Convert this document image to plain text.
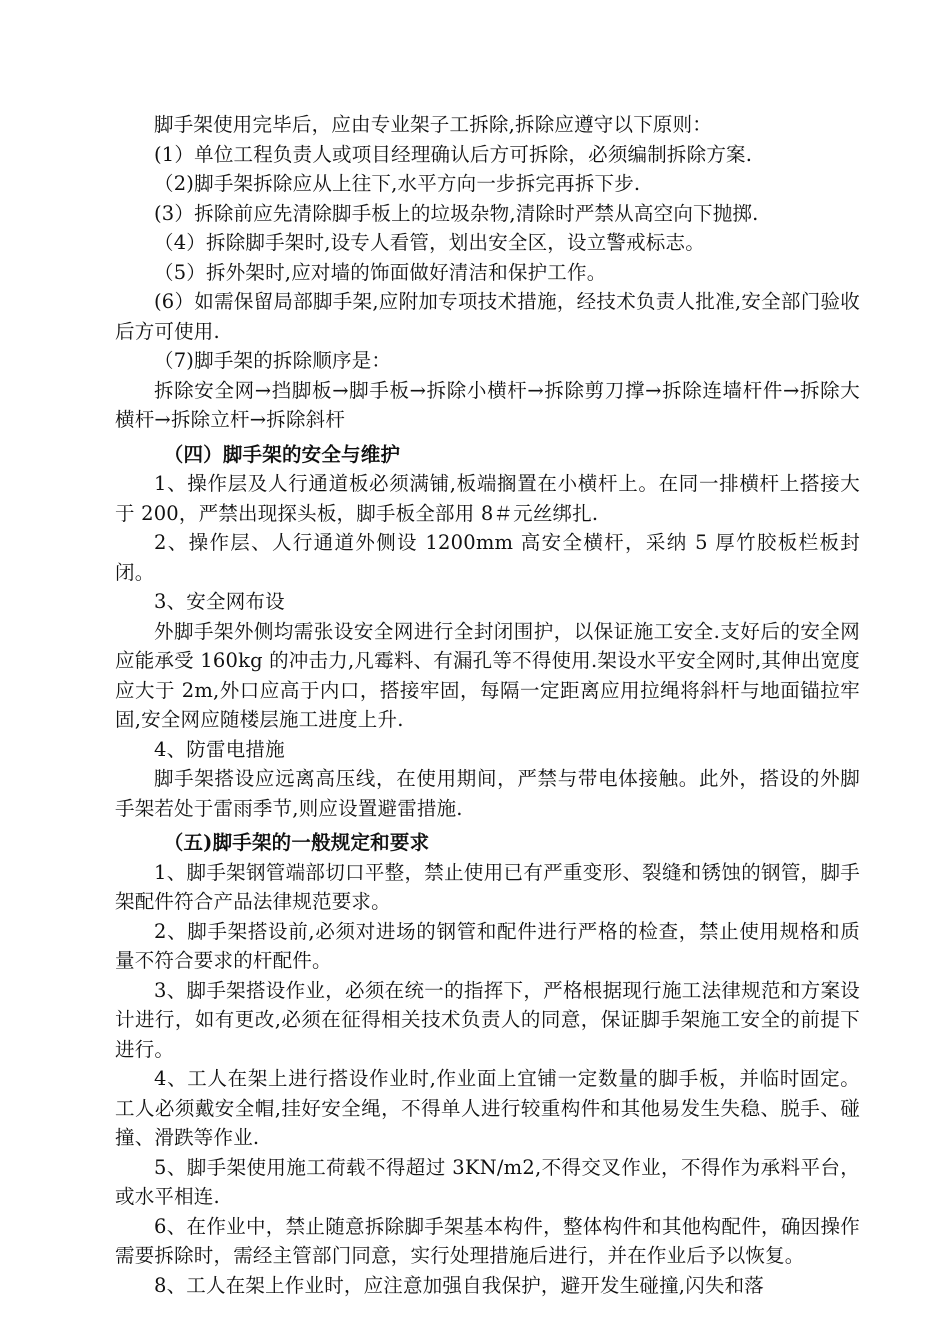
脚手架使用完毕后，应由专业架子工拆除,拆除应遵守以下原则：

(1）单位工程负责人或项目经理确认后方可拆除，必须编制拆除方案.

（2)脚手架拆除应从上往下,水平方向一步拆完再拆下步.

(3）拆除前应先清除脚手板上的垃圾杂物,清除时严禁从高空向下抛掷.

（4）拆除脚手架时,设专人看管，划出安全区，设立警戒标志。

（5）拆外架时,应对墙的饰面做好清洁和保护工作。

(6）如需保留局部脚手架,应附加专项技术措施，经技术负责人批准,安全部门验收后方可使用.

（7)脚手架的拆除顺序是：

拆除安全网→挡脚板→脚手板→拆除小横杆→拆除剪刀撑→拆除连墙杆件→拆除大横杆→拆除立杆→拆除斜杆

（四）脚手架的安全与维护

1、操作层及人行通道板必须满铺,板端搁置在小横杆上。在同一排横杆上搭接大于 200，严禁出现探头板，脚手板全部用 8＃元丝绑扎.

2、操作层、人行通道外侧设 1200mm 高安全横杆，采纳 5 厚竹胶板栏板封闭。

3、安全网布设

外脚手架外侧均需张设安全网进行全封闭围护，以保证施工安全.支好后的安全网应能承受 160kg 的冲击力,凡霉料、有漏孔等不得使用.架设水平安全网时,其伸出宽度应大于 2m,外口应高于内口，搭接牢固，每隔一定距离应用拉绳将斜杆与地面锚拉牢固,安全网应随楼层施工进度上升.

4、防雷电措施

脚手架搭设应远离高压线，在使用期间，严禁与带电体接触。此外，搭设的外脚手架若处于雷雨季节,则应设置避雷措施.

（五)脚手架的一般规定和要求

1、脚手架钢管端部切口平整，禁止使用已有严重变形、裂缝和锈蚀的钢管，脚手架配件符合产品法律规范要求。

2、脚手架搭设前,必须对进场的钢管和配件进行严格的检查，禁止使用规格和质量不符合要求的杆配件。

3、脚手架搭设作业，必须在统一的指挥下，严格根据现行施工法律规范和方案设计进行，如有更改,必须在征得相关技术负责人的同意，保证脚手架施工安全的前提下进行。

4、工人在架上进行搭设作业时,作业面上宜铺一定数量的脚手板，并临时固定。工人必须戴安全帽,挂好安全绳，不得单人进行较重构件和其他易发生失稳、脱手、碰撞、滑跌等作业.

5、脚手架使用施工荷载不得超过 3KN/m2,不得交叉作业，不得作为承料平台，或水平相连.

6、在作业中，禁止随意拆除脚手架基本构件，整体构件和其他构配件，确因操作需要拆除时，需经主管部门同意，实行处理措施后进行，并在作业后予以恢复。

8、工人在架上作业时，应注意加强自我保护，避开发生碰撞,闪失和落
